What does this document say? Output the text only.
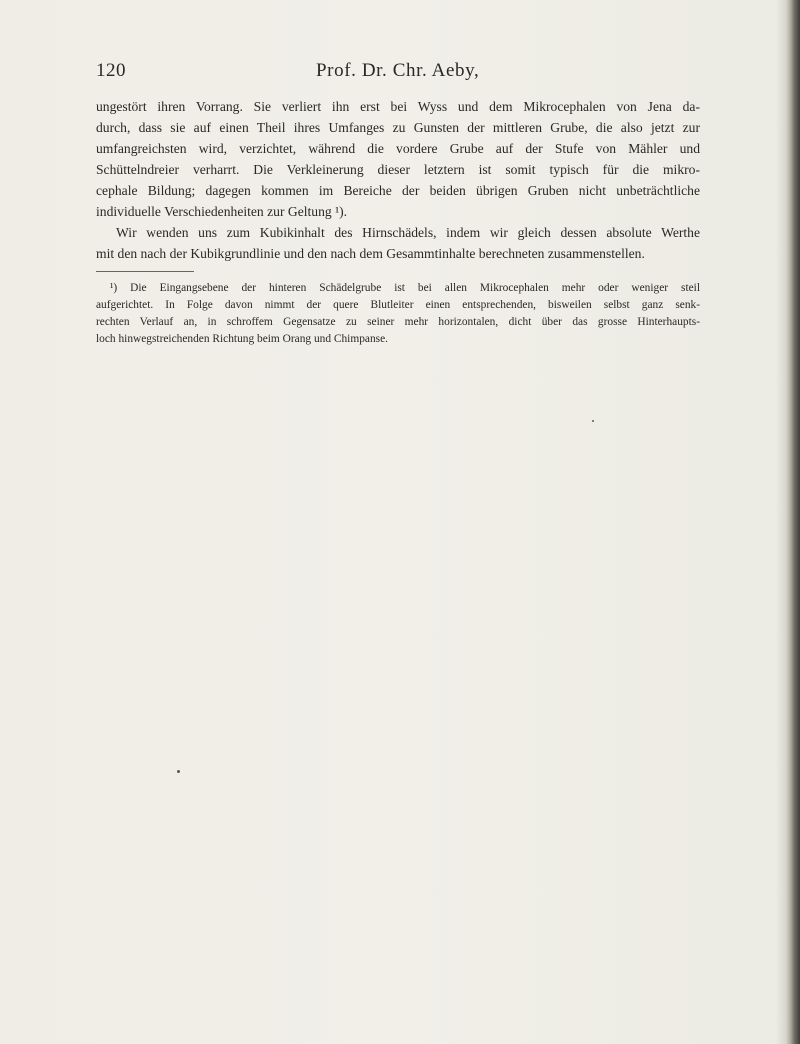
120	Prof. Dr. Chr. Aeby,
ungestört ihren Vorrang. Sie verliert ihn erst bei Wyss und dem Mikrocephalen von Jena da-
durch, dass sie auf einen Theil ihres Umfanges zu Gunsten der mittleren Grube, die also jetzt zur
umfangreichsten wird, verzichtet, während die vordere Grube auf der Stufe von Mähler und
Schüttelndreier verharrt. Die Verkleinerung dieser letztern ist somit typisch für die mikro-
cephale Bildung; dagegen kommen im Bereiche der beiden übrigen Gruben nicht unbeträchtliche
individuelle Verschiedenheiten zur Geltung ¹).
Wir wenden uns zum Kubikinhalt des Hirnschädels, indem wir gleich dessen absolute Werthe
mit den nach der Kubikgrundlinie und den nach dem Gesammtinhalte berechneten zusammenstellen.
¹) Die Eingangsebene der hinteren Schädelgrube ist bei allen Mikrocephalen mehr oder weniger steil
aufgerichtet. In Folge davon nimmt der quere Blutleiter einen entsprechenden, bisweilen selbst ganz senk-
rechten Verlauf an, in schroffem Gegensatze zu seiner mehr horizontalen, dicht über das grosse Hinterhaupts-
loch hinwegstreichenden Richtung beim Orang und Chimpanse.
